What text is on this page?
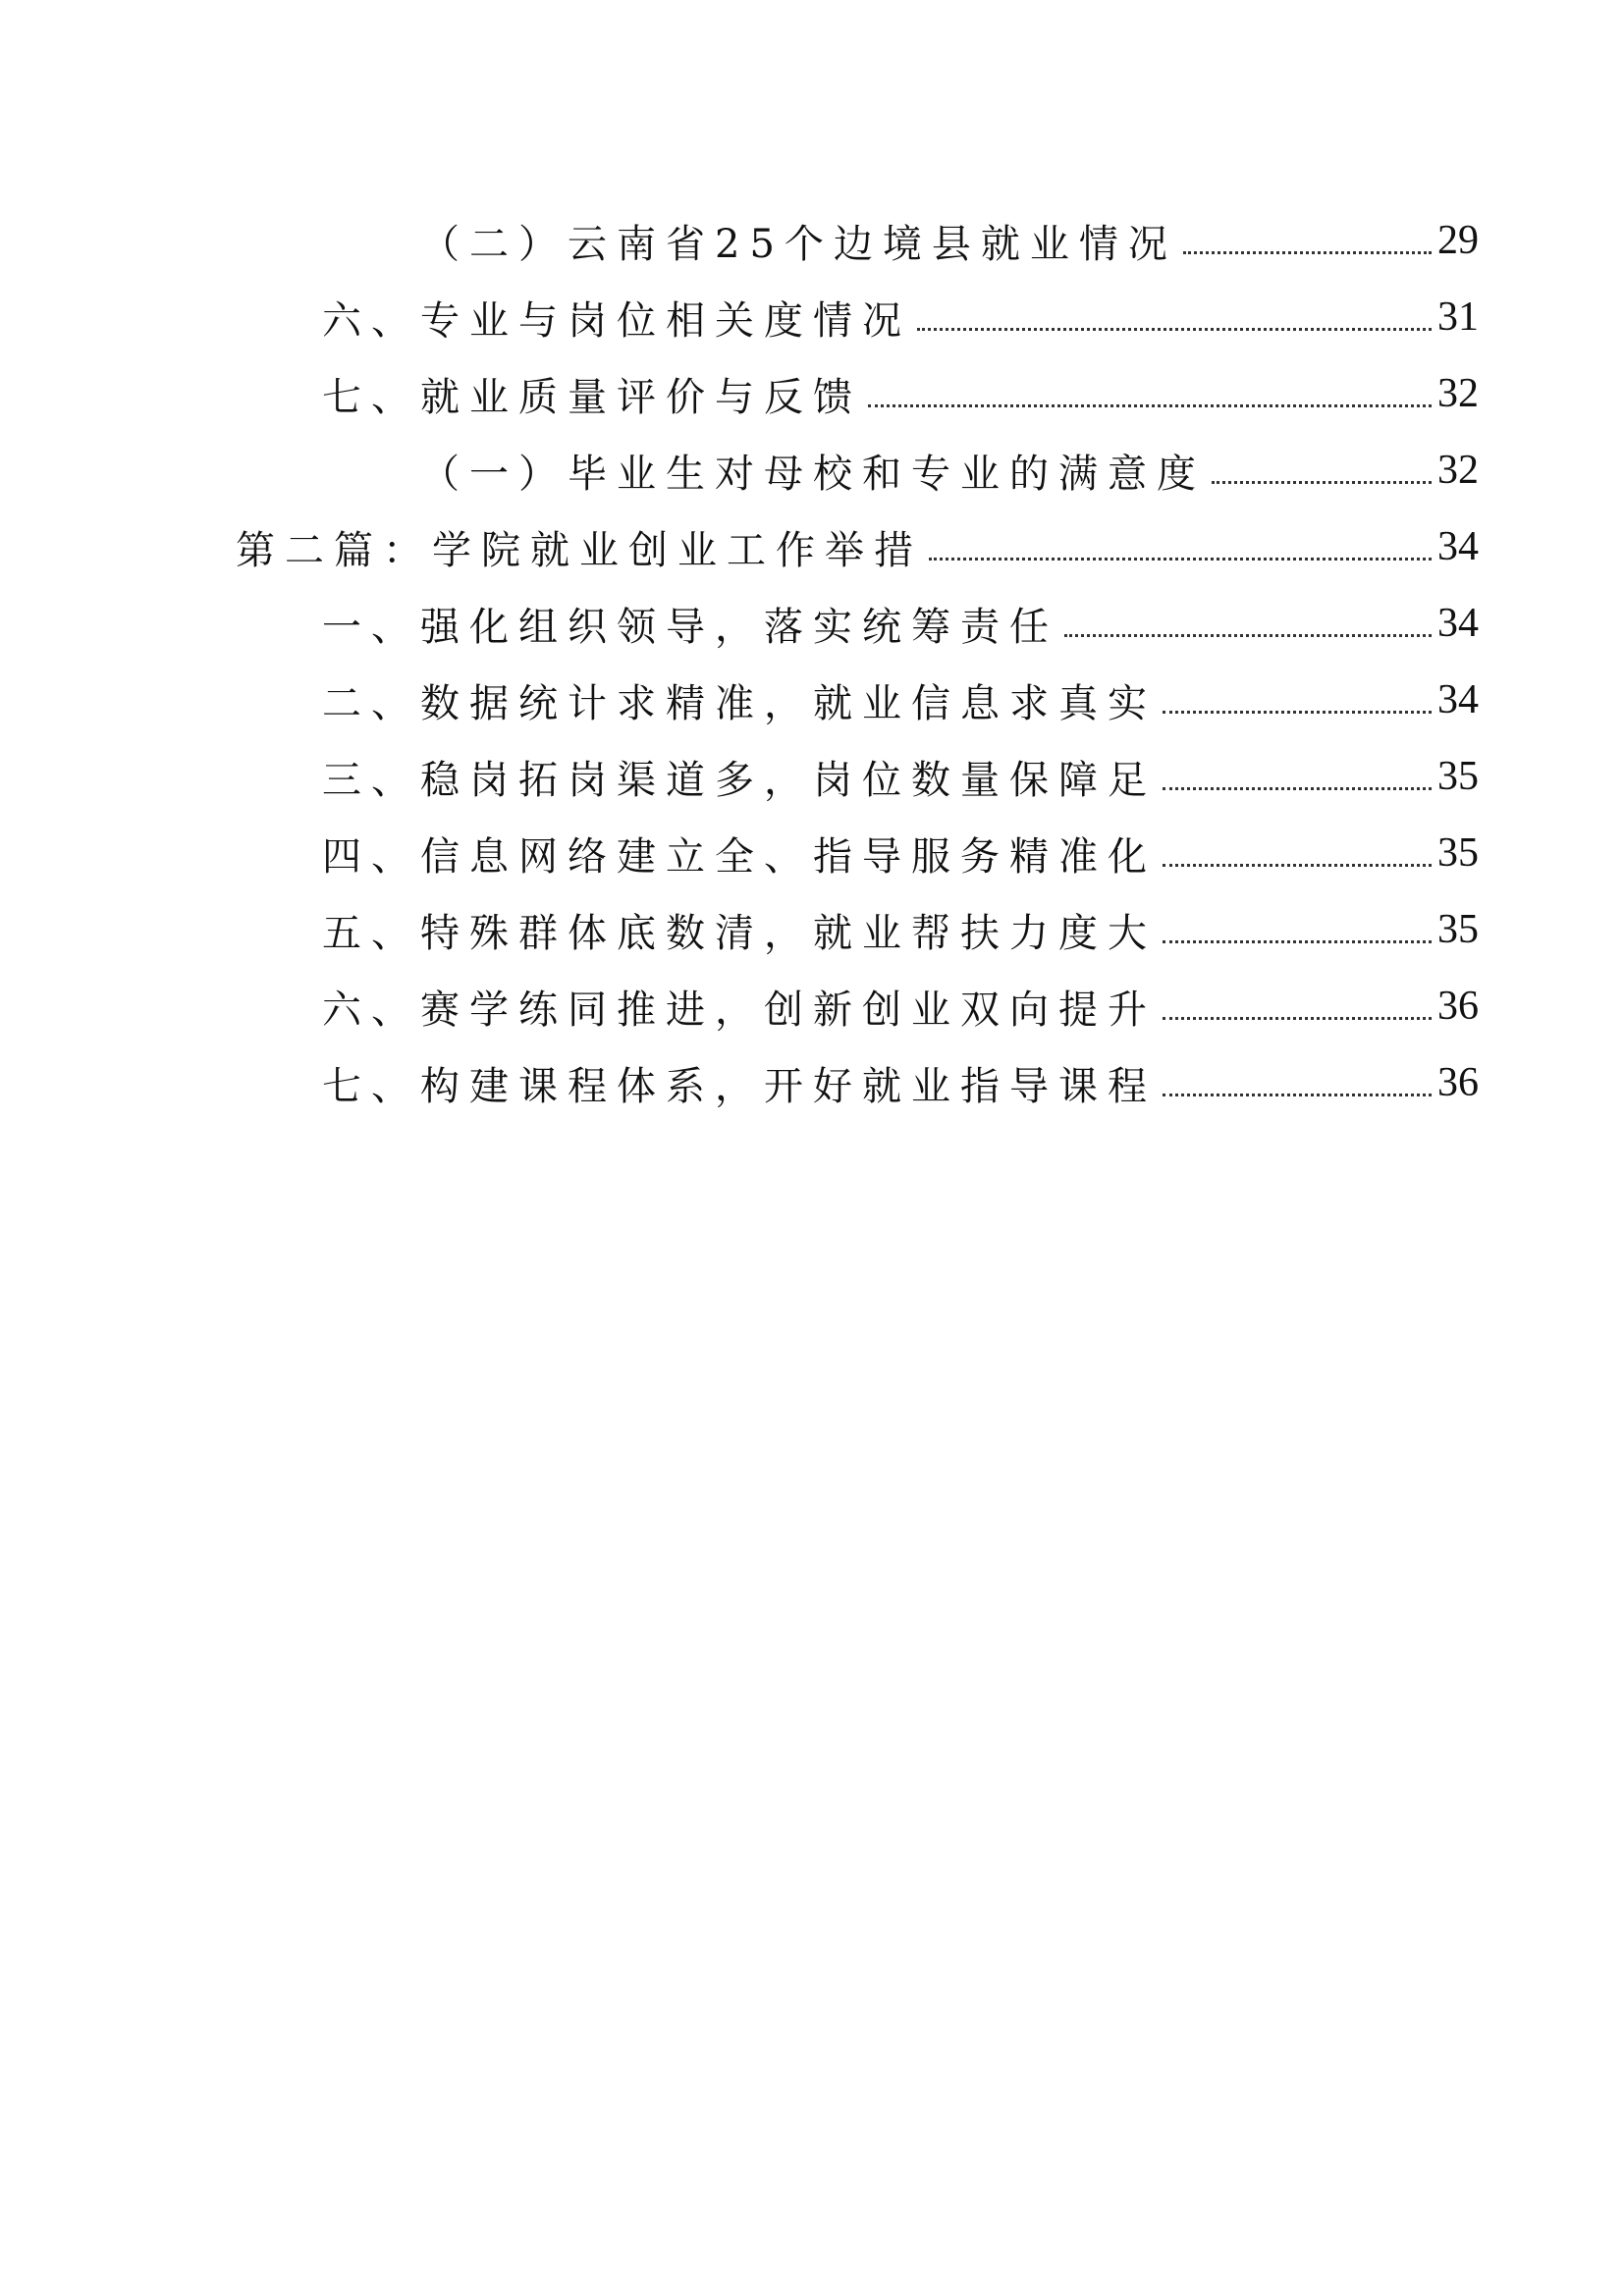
（二）云南省25个边境县就业情况	29
六、专业与岗位相关度情况	31
七、就业质量评价与反馈	32
（一）毕业生对母校和专业的满意度	32
第二篇：学院就业创业工作举措	34
一、强化组织领导，落实统筹责任	34
二、数据统计求精准，就业信息求真实	34
三、稳岗拓岗渠道多，岗位数量保障足	35
四、信息网络建立全、指导服务精准化	35
五、特殊群体底数清，就业帮扶力度大	35
六、赛学练同推进，创新创业双向提升	36
七、构建课程体系，开好就业指导课程	36
